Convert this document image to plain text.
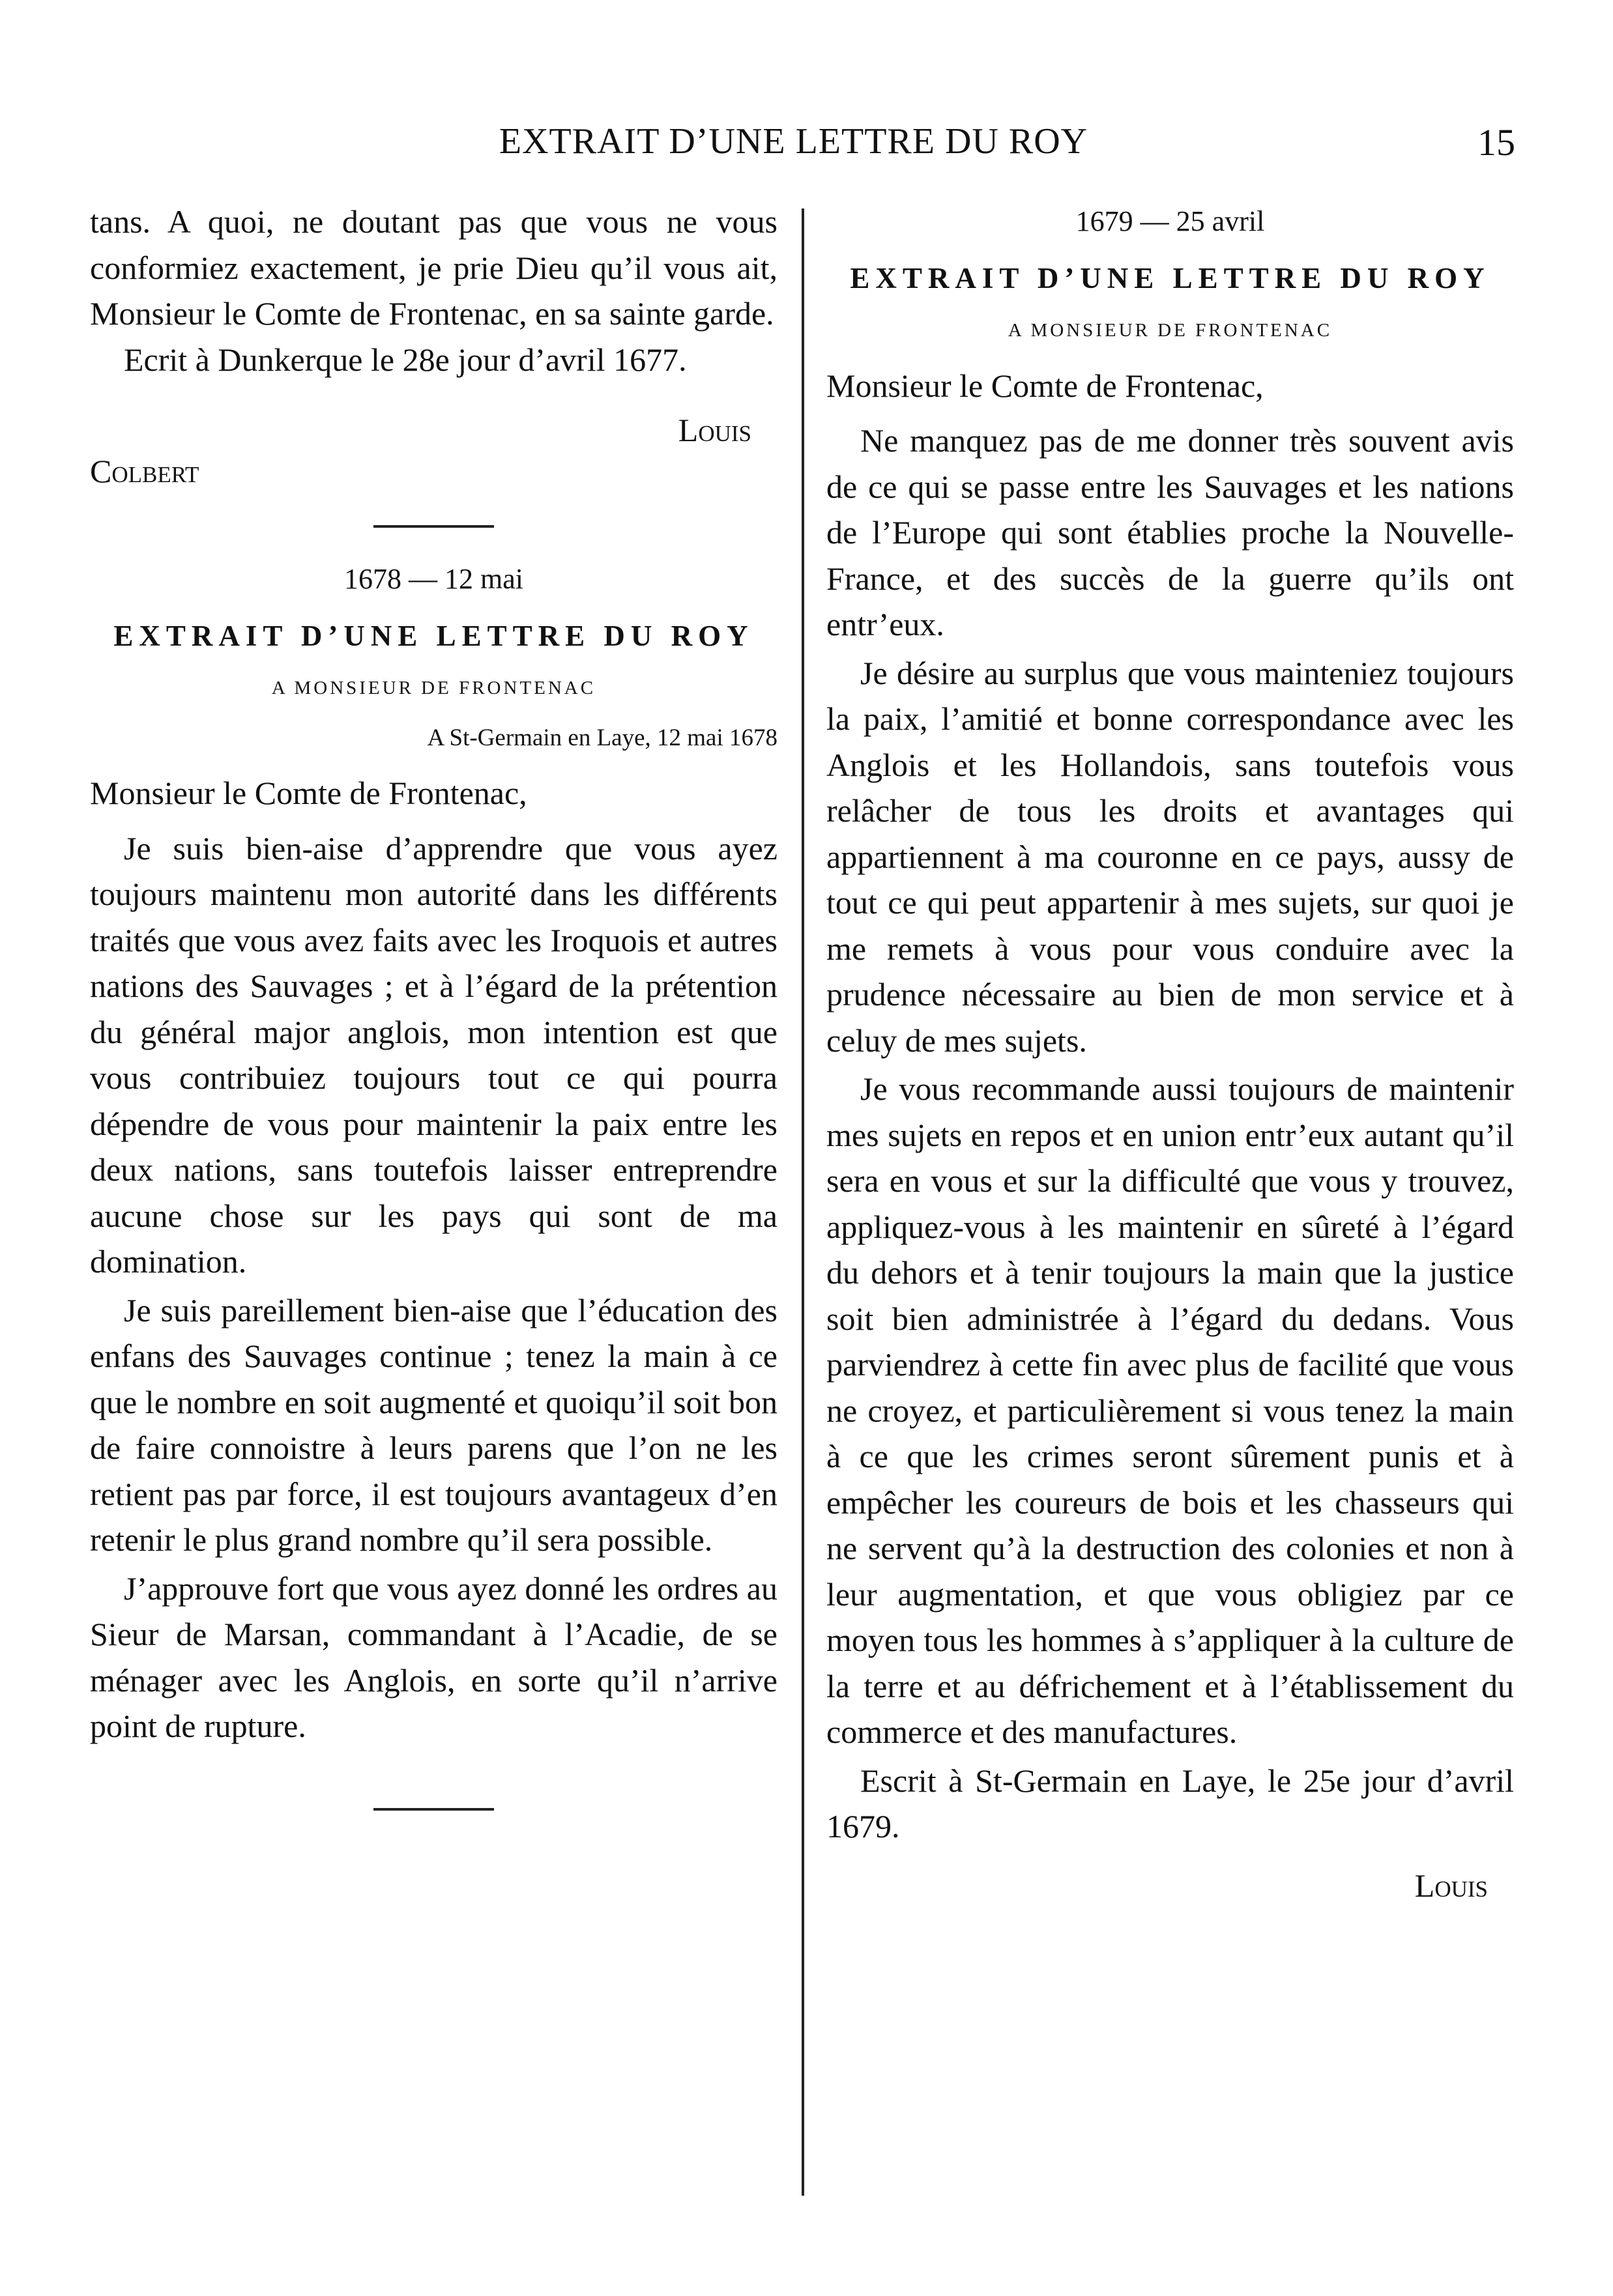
EXTRAIT D’UNE LETTRE DU ROY	15

tans. A quoi, ne doutant pas que vous ne vous conformiez exactement, je prie Dieu qu’il vous ait, Monsieur le Comte de Frontenac, en sa sainte garde.

Ecrit à Dunkerque le 28e jour d’avril 1677.

Louis

Colbert

1678 — 12 mai
EXTRAIT D’UNE LETTRE DU ROY
A MONSIEUR DE FRONTENAC
A St-Germain en Laye, 12 mai 1678

Monsieur le Comte de Frontenac,

Je suis bien-aise d’apprendre que vous ayez toujours maintenu mon autorité dans les différents traités que vous avez faits avec les Iroquois et autres nations des Sauvages ; et à l’égard de la prétention du général major anglois, mon intention est que vous contribuiez toujours tout ce qui pourra dépendre de vous pour maintenir la paix entre les deux nations, sans toutefois laisser entreprendre aucune chose sur les pays qui sont de ma domination.

Je suis pareillement bien-aise que l’éducation des enfans des Sauvages continue ; tenez la main à ce que le nombre en soit augmenté et quoiqu’il soit bon de faire connoistre à leurs parens que l’on ne les retient pas par force, il est toujours avantageux d’en retenir le plus grand nombre qu’il sera possible.

J’approuve fort que vous ayez donné les ordres au Sieur de Marsan, commandant à l’Acadie, de se ménager avec les Anglois, en sorte qu’il n’arrive point de rupture.

1679 — 25 avril
EXTRAIT D’UNE LETTRE DU ROY
A MONSIEUR DE FRONTENAC

Monsieur le Comte de Frontenac,

Ne manquez pas de me donner très souvent avis de ce qui se passe entre les Sauvages et les nations de l’Europe qui sont établies proche la Nouvelle-France, et des succès de la guerre qu’ils ont entr’eux.

Je désire au surplus que vous mainteniez toujours la paix, l’amitié et bonne correspondance avec les Anglois et les Hollandois, sans toutefois vous relâcher de tous les droits et avantages qui appartiennent à ma couronne en ce pays, aussy de tout ce qui peut appartenir à mes sujets, sur quoi je me remets à vous pour vous conduire avec la prudence nécessaire au bien de mon service et à celuy de mes sujets.

Je vous recommande aussi toujours de maintenir mes sujets en repos et en union entr’eux autant qu’il sera en vous et sur la difficulté que vous y trouvez, appliquez-vous à les maintenir en sûreté à l’égard du dehors et à tenir toujours la main que la justice soit bien administrée à l’égard du dedans. Vous parviendrez à cette fin avec plus de facilité que vous ne croyez, et particulièrement si vous tenez la main à ce que les crimes seront sûrement punis et à empêcher les coureurs de bois et les chasseurs qui ne servent qu’à la destruction des colonies et non à leur augmentation, et que vous obligiez par ce moyen tous les hommes à s’appliquer à la culture de la terre et au défrichement et à l’établissement du commerce et des manufactures.

Escrit à St-Germain en Laye, le 25e jour d’avril 1679.

Louis
